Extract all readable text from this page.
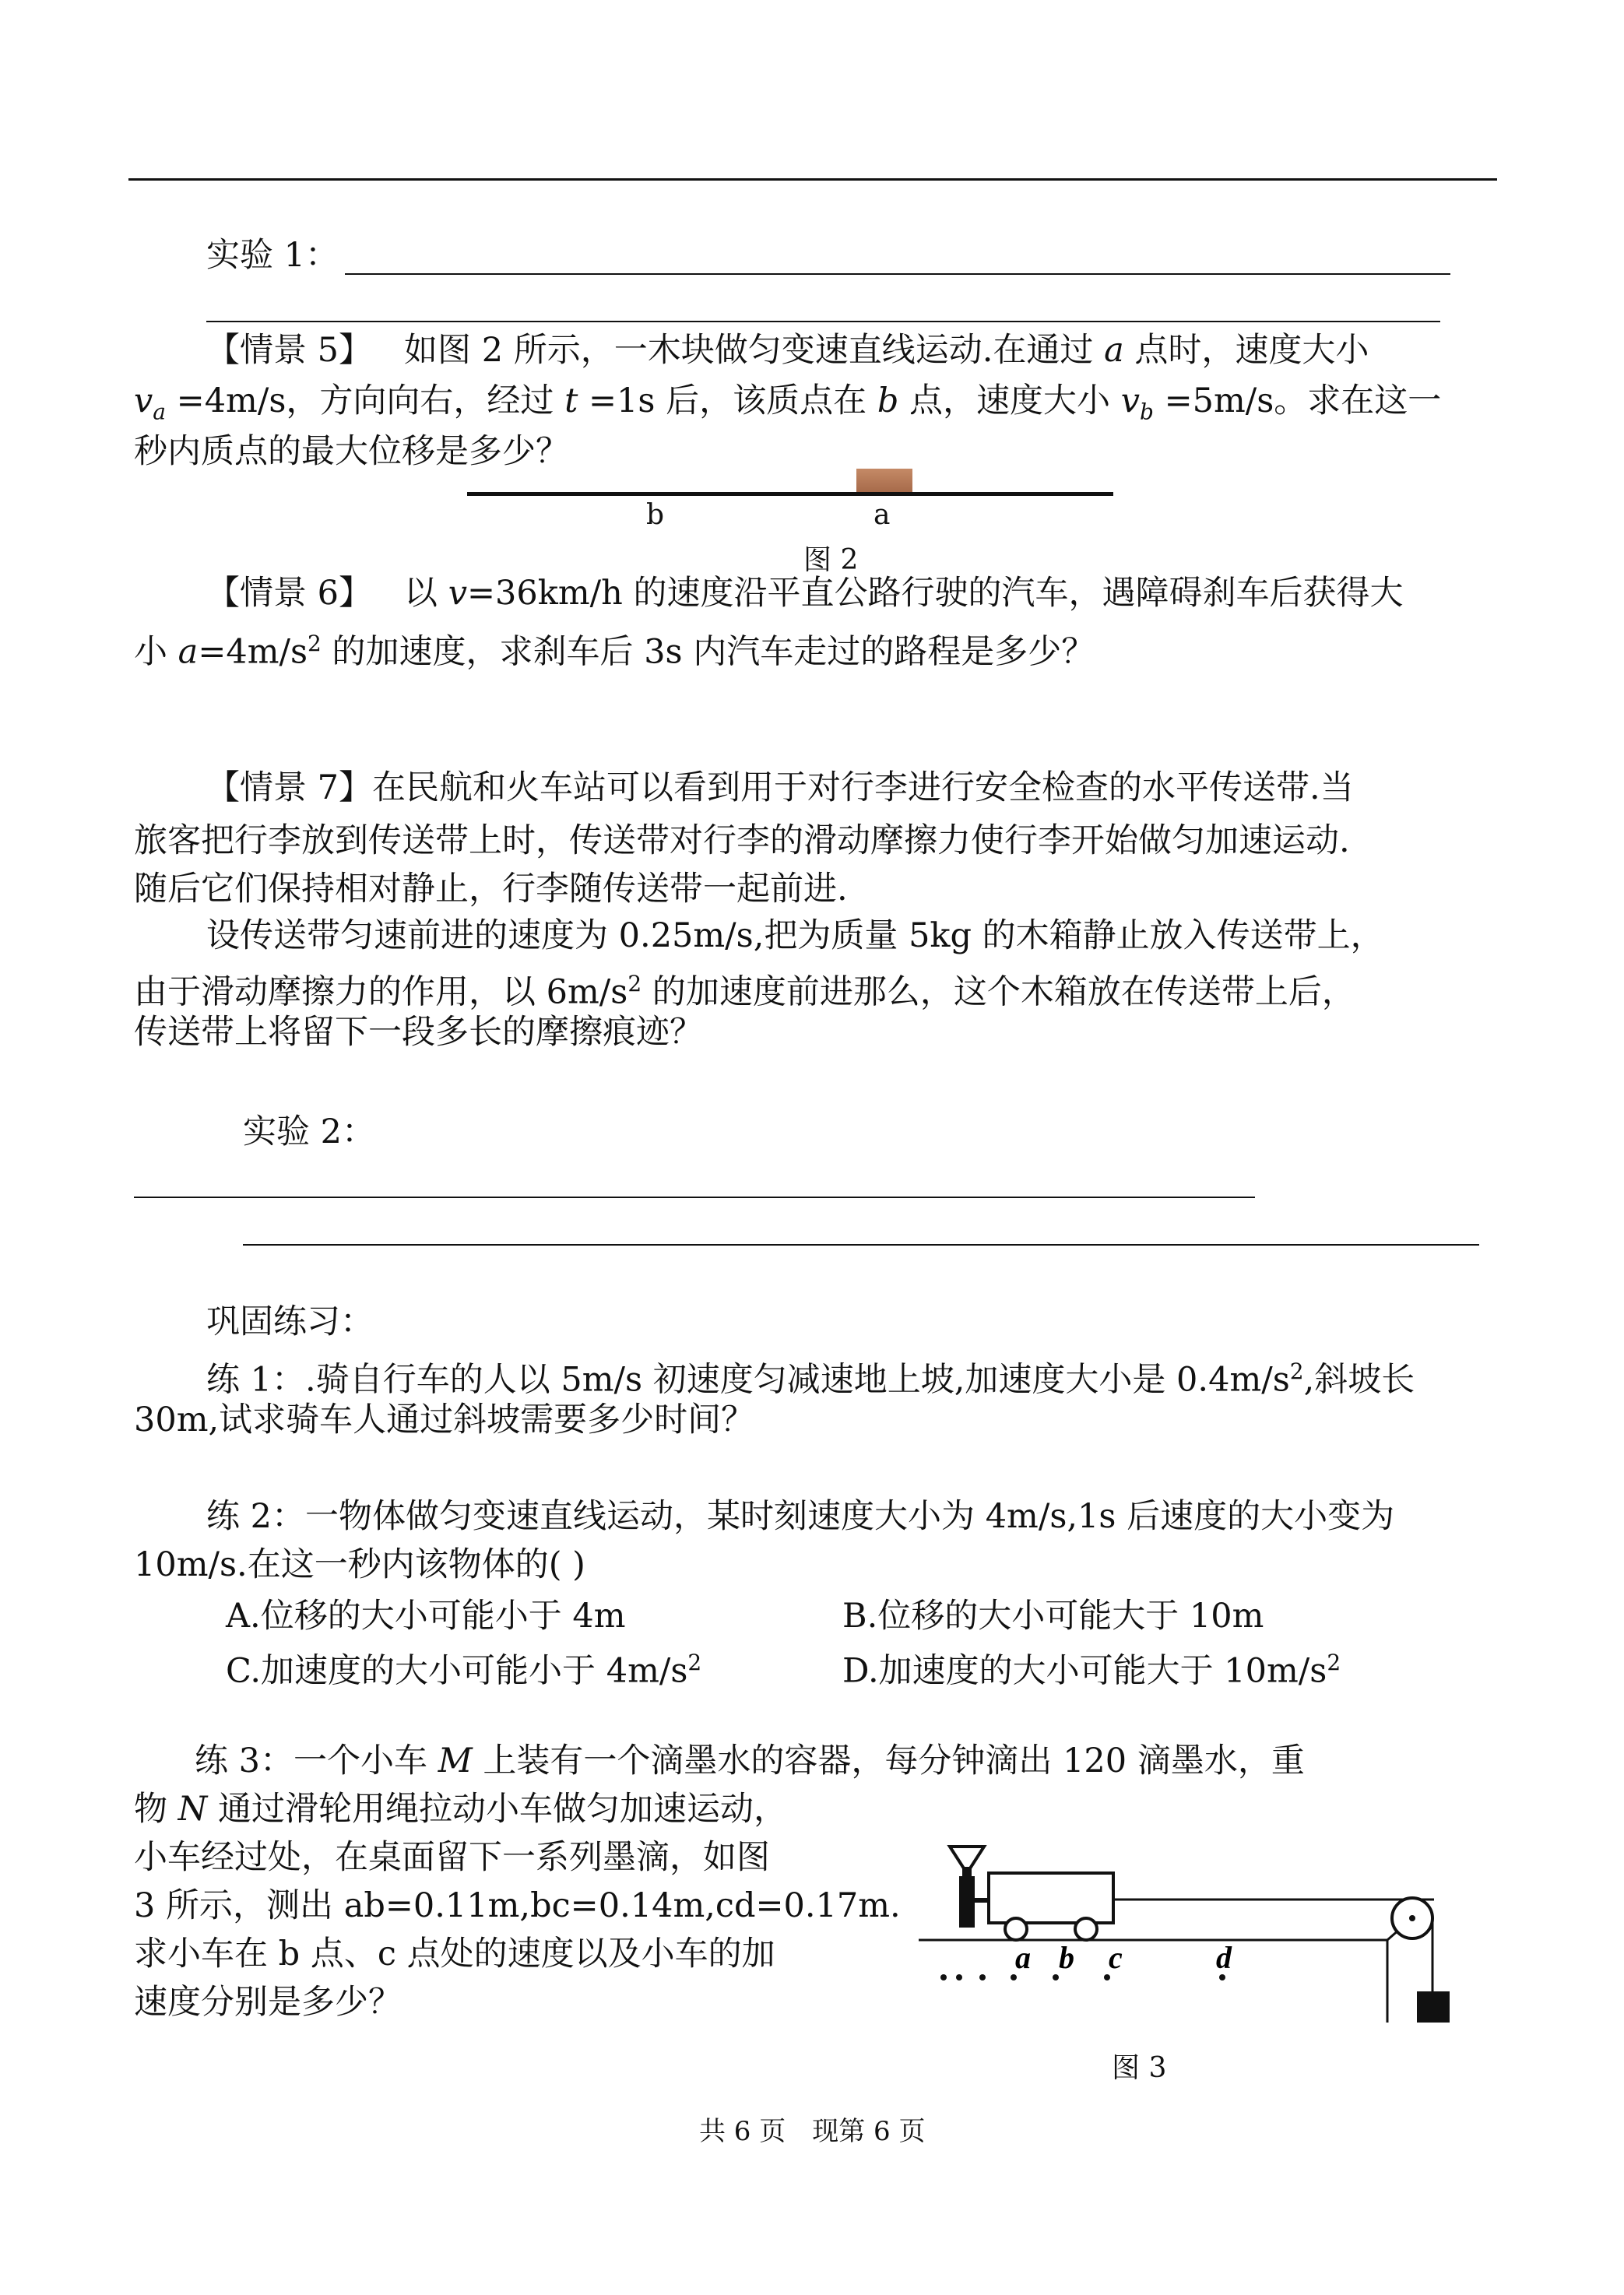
实验 1：
【情景 5】 如图 2 所示，一木块做匀变速直线运动.在通过 a 点时，速度大小
$v_a =4m/s$，方向向右，经过 t =1s 后，该质点在 b 点，速度大小 $v_b =5m/s$。求在这一
秒内质点的最大位移是多少？
b	a
图 2
【情景 6】 以 v=36km/h 的速度沿平直公路行驶的汽车，遇障碍刹车后获得大
小 $a=4m/s^2$ 的加速度，求刹车后 3s 内汽车走过的路程是多少？
【情景 7】在民航和火车站可以看到用于对行李进行安全检查的水平传送带.当
旅客把行李放到传送带上时，传送带对行李的滑动摩擦力使行李开始做匀加速运动.
随后它们保持相对静止，行李随传送带一起前进.
设传送带匀速前进的速度为 0.25m/s,把为质量 5kg 的木箱静止放入传送带上，
由于滑动摩擦力的作用，以 $6m/s^2$ 的加速度前进那么，这个木箱放在传送带上后，
传送带上将留下一段多长的摩擦痕迹？
实验 2：
巩固练习：
练 1：.骑自行车的人以 5m/s 初速度匀减速地上坡,加速度大小是 $0.4m/s^2$,斜坡长
30m,试求骑车人通过斜坡需要多少时间？
练 2：一物体做匀变速直线运动，某时刻速度大小为 4m/s,1s 后速度的大小变为
10m/s.在这一秒内该物体的( )
A.位移的大小可能小于 4m	B.位移的大小可能大于 10m
C.加速度的大小可能小于 $4m/s^2$	D.加速度的大小可能大于 $10m/s^2$
练 3：一个小车 M 上装有一个滴墨水的容器，每分钟滴出 120 滴墨水，重
物 N 通过滑轮用绳拉动小车做匀加速运动，
小车经过处，在桌面留下一系列墨滴，如图
3 所示，测出 ab=0.11m,bc=0.14m,cd=0.17m.
求小车在 b 点、c 点处的速度以及小车的加
速度分别是多少？
a b c	d
图 3
共 6 页　现第 6 页
